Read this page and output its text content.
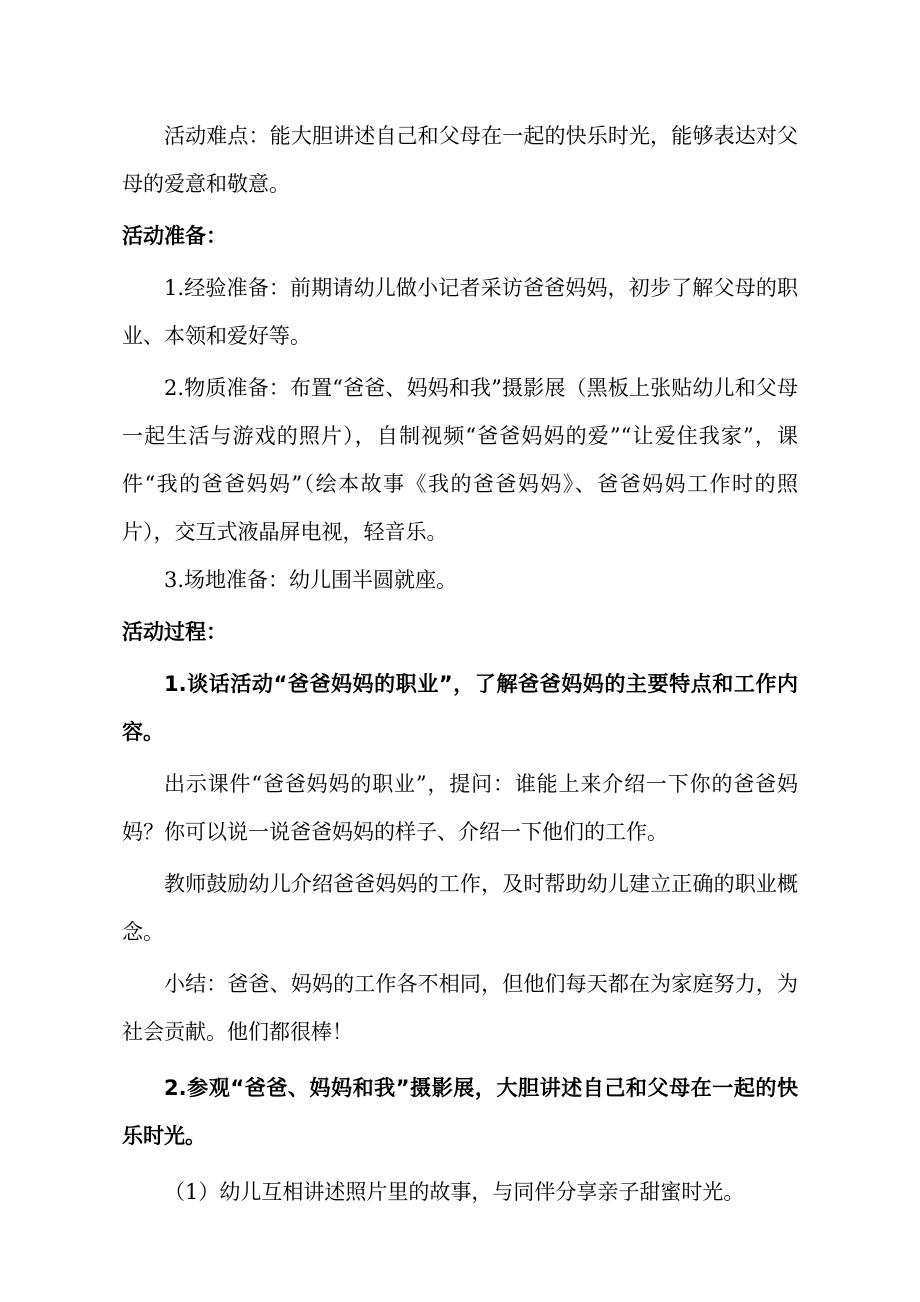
活动难点：能大胆讲述自己和父母在一起的快乐时光，能够表达对父母的爱意和敬意。

活动准备：

1.经验准备：前期请幼儿做小记者采访爸爸妈妈，初步了解父母的职业、本领和爱好等。

2.物质准备：布置“爸爸、妈妈和我”摄影展（黑板上张贴幼儿和父母一起生活与游戏的照片），自制视频“爸爸妈妈的爱”“让爱住我家”，课件“我的爸爸妈妈”（绘本故事《我的爸爸妈妈》、爸爸妈妈工作时的照片），交互式液晶屏电视，轻音乐。

3.场地准备：幼儿围半圆就座。

活动过程：

1.谈话活动“爸爸妈妈的职业”，了解爸爸妈妈的主要特点和工作内容。

出示课件“爸爸妈妈的职业”，提问：谁能上来介绍一下你的爸爸妈妈？你可以说一说爸爸妈妈的样子、介绍一下他们的工作。

教师鼓励幼儿介绍爸爸妈妈的工作，及时帮助幼儿建立正确的职业概念。

小结：爸爸、妈妈的工作各不相同，但他们每天都在为家庭努力，为社会贡献。他们都很棒！

2.参观“爸爸、妈妈和我”摄影展，大胆讲述自己和父母在一起的快乐时光。

（1）幼儿互相讲述照片里的故事，与同伴分享亲子甜蜜时光。
